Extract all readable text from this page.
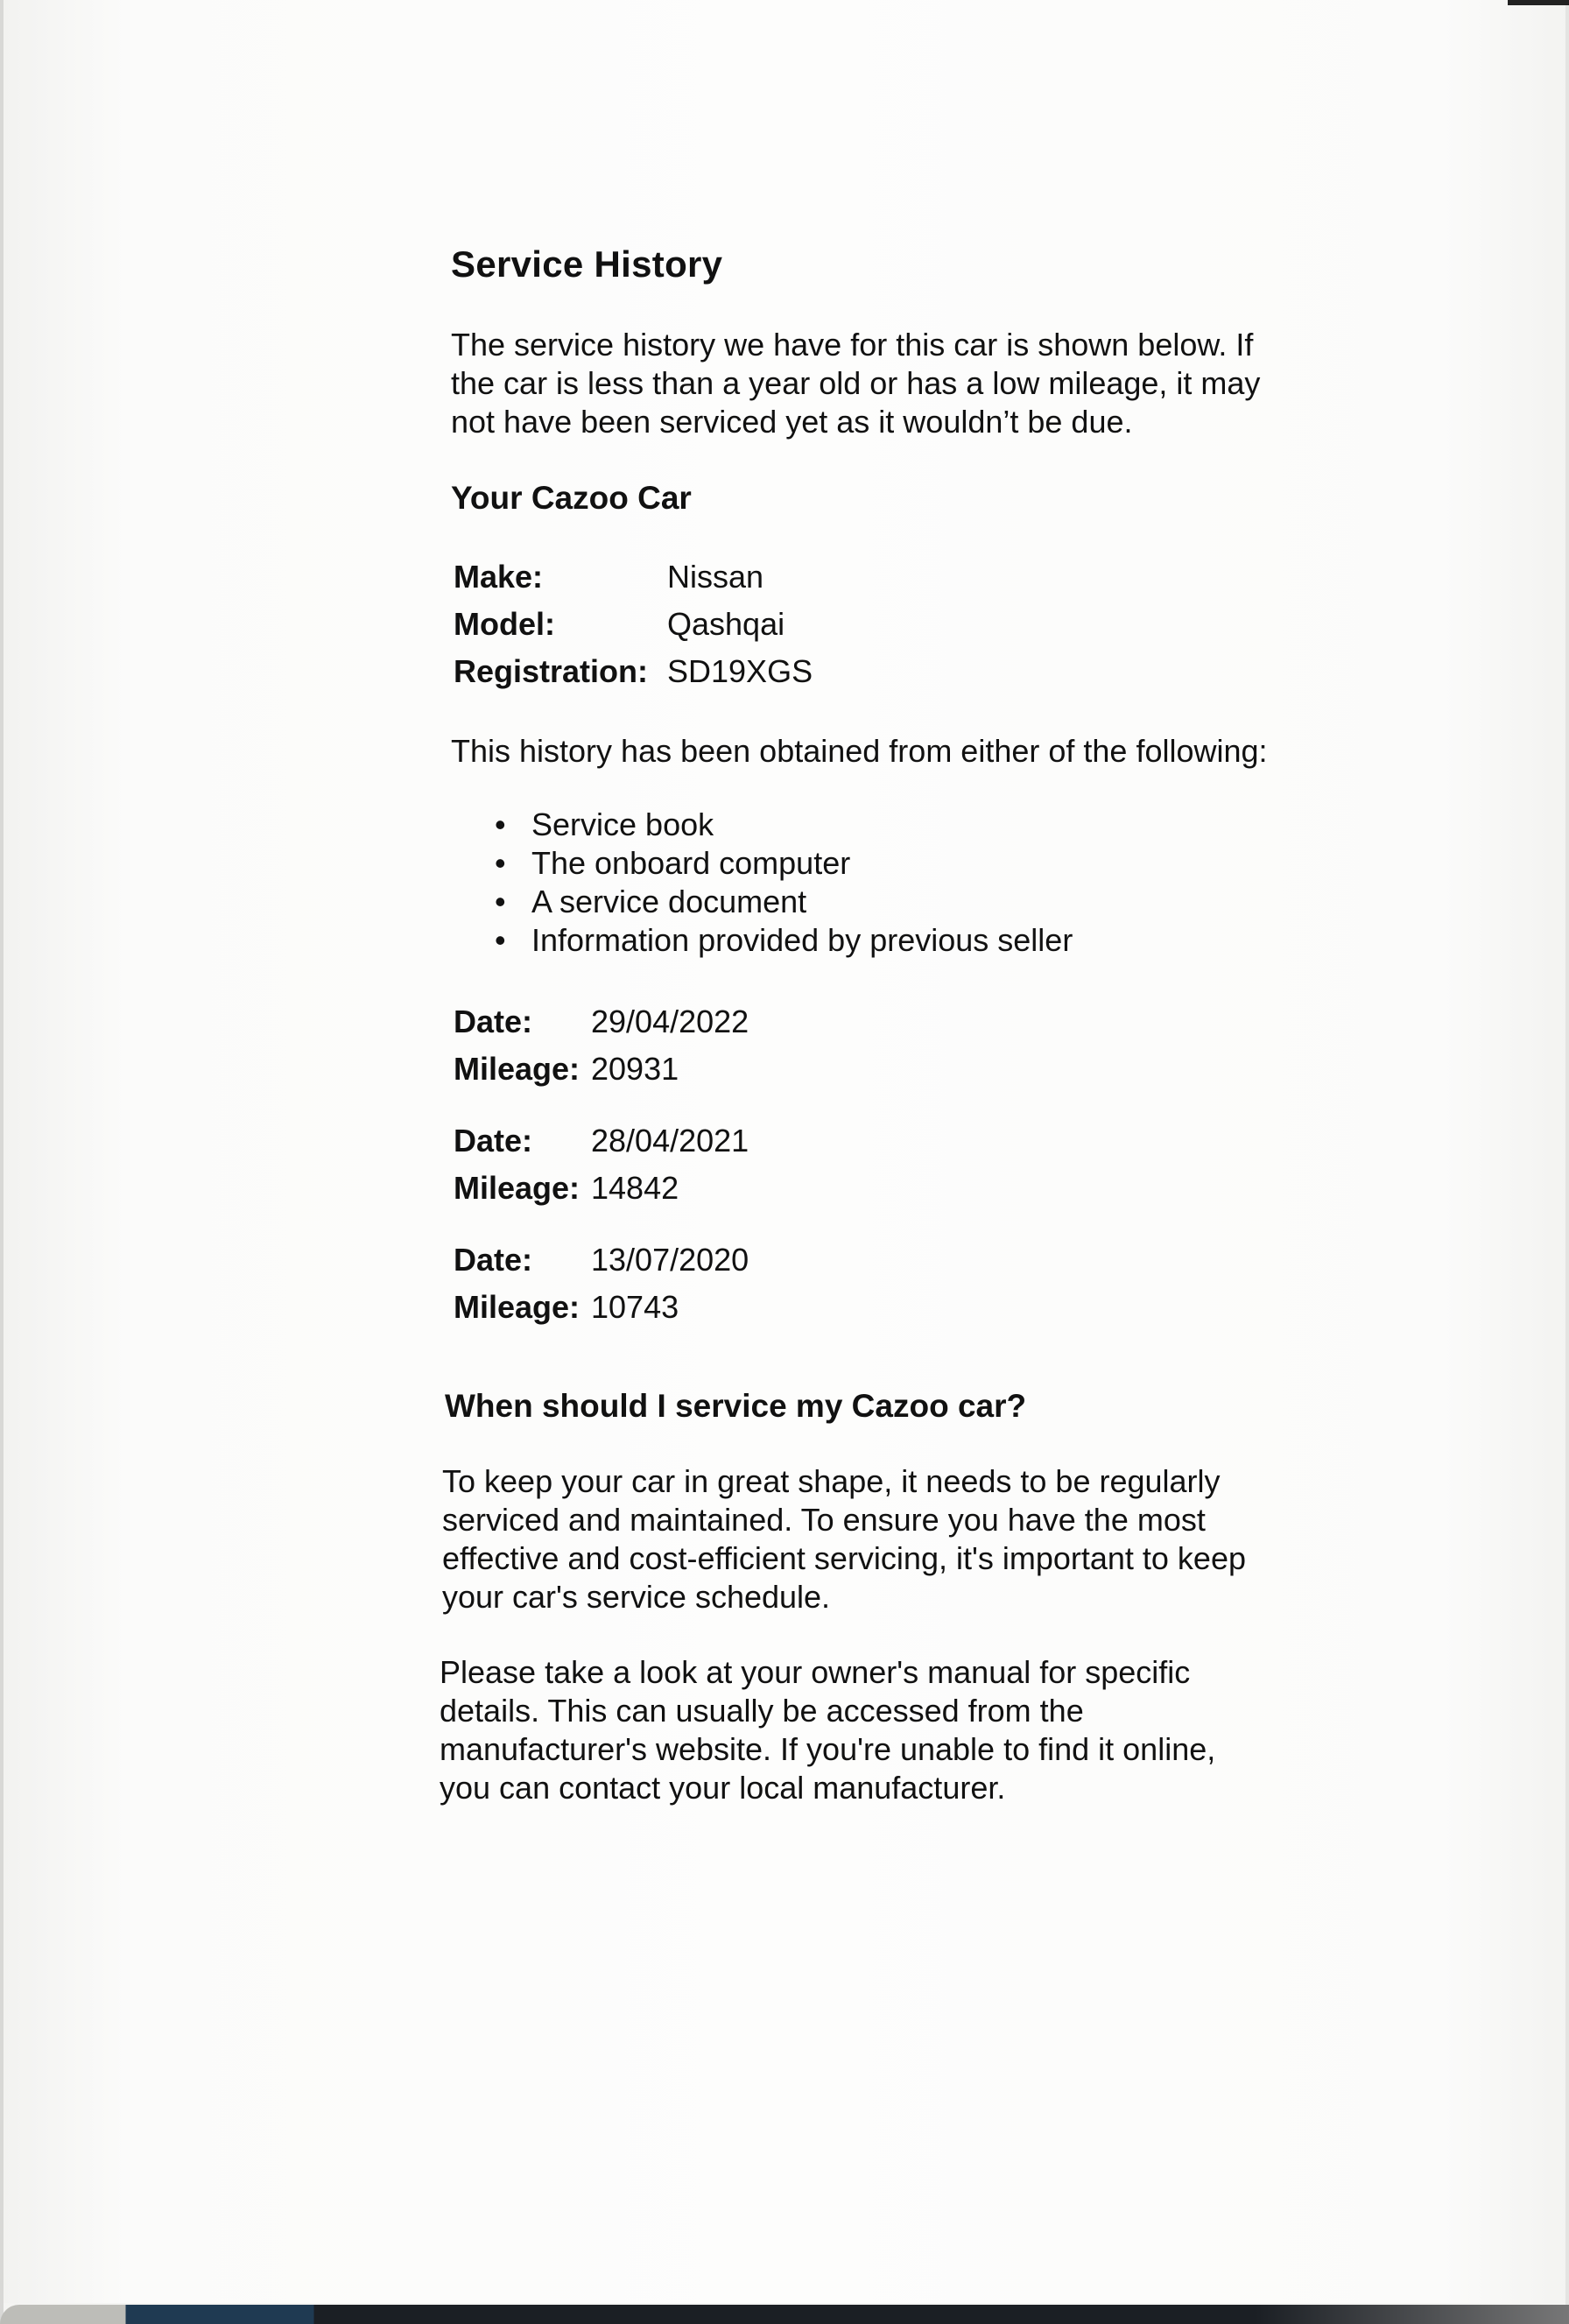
Service History

The service history we have for this car is shown below. If the car is less than a year old or has a low mileage, it may not have been serviced yet as it wouldn’t be due.

Your Cazoo Car
Make:	Nissan
Model:	Qashqai
Registration: SD19XGS

This history has been obtained from either of the following:

• Service book
• The onboard computer
• A service document
• Information provided by previous seller
Date: 29/04/2022
Mileage: 20931
Date: 28/04/2021
Mileage: 14842
Date: 13/07/2020
Mileage: 10743
When should I service my Cazoo car?

To keep your car in great shape, it needs to be regularly serviced and maintained. To ensure you have the most effective and cost-efficient servicing, it's important to keep your car's service schedule.

Please take a look at your owner's manual for specific details. This can usually be accessed from the manufacturer's website. If you're unable to find it online, you can contact your local manufacturer.
